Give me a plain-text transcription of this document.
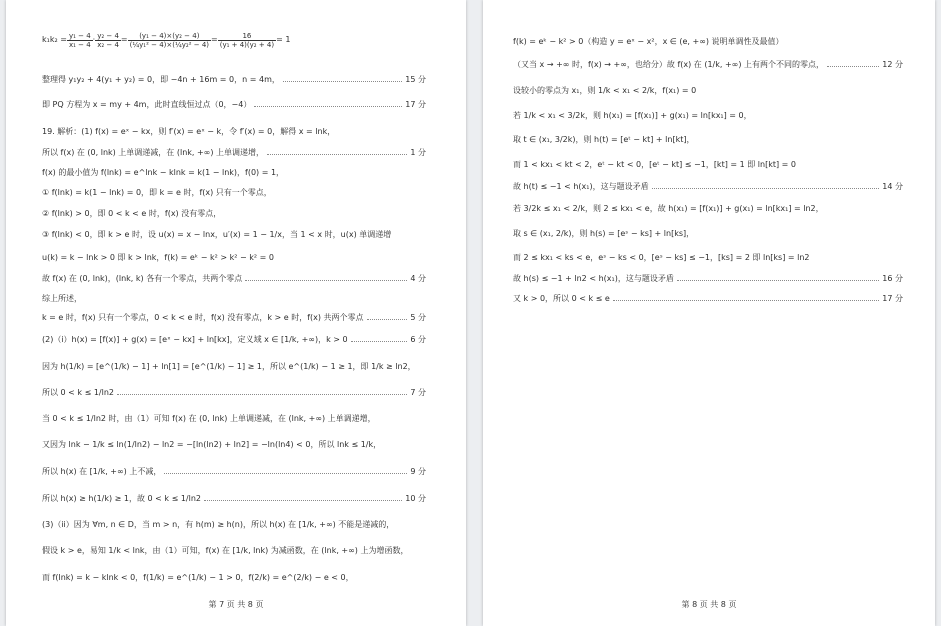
$k_1k_2 = \frac{\text{y₁ − 4}}{\text{x₁ − 4}} \cdot \frac{\text{y₂ − 4}}{\text{x₂ − 4}} = \frac{\text{(y₁ − 4)×(y₂ − 4)}}{\text{(¼y₁² − 4)×(¼y₂² − 4)}} = \frac{16}{\text{(y₁ + 4)(y₂ + 4)}} = 1$
整理得 y₁y₂ + 4(y₁ + y₂) = 0，即 −4n + 16m = 0，n = 4m，	15 分
即 PQ 方程为 x = my + 4m，此时直线恒过点（0，−4）	17 分
19. 解析：(1) f(x) = eˣ − kx，则 f′(x) = eˣ − k，令 f′(x) = 0，解得 x = lnk，
所以 f(x) 在 (0, lnk) 上单调递减，在 (lnk, +∞) 上单调递增，	1 分
f(x) 的最小值为 f(lnk) = e^lnk − klnk = k(1 − lnk)，f(0) = 1，
① f(lnk) = k(1 − lnk) = 0，即 k = e 时，f(x) 只有一个零点，
② f(lnk) > 0，即 0 < k < e 时，f(x) 没有零点，
③ f(lnk) < 0，即 k > e 时，设 u(x) = x − lnx，u′(x) = 1 − 1/x，当 1 < x 时，u(x) 单调递增
u(k) = k − lnk > 0 即 k > lnk，f(k) = eᵏ − k² > k² − k² = 0
故 f(x) 在 (0, lnk)，(lnk, k) 各有一个零点，共两个零点	4 分
综上所述，
k = e 时，f(x) 只有一个零点，0 < k < e 时，f(x) 没有零点，k > e 时，f(x) 共两个零点	5 分
(2)（i）h(x) = [f(x)] + g(x) = [eˣ − kx] + ln[kx]，定义域 x ∈ [1/k, +∞)，k > 0	6 分
因为 h(1/k) = [e^(1/k) − 1] + ln[1] = [e^(1/k) − 1] ≥ 1，所以 e^(1/k) − 1 ≥ 1，即 1/k ≥ ln2，
所以 0 < k ≤ 1/ln2	7 分
当 0 < k ≤ 1/ln2 时，由（1）可知 f(x) 在 (0, lnk) 上单调递减，在 (lnk, +∞) 上单调递增，
又因为 lnk − 1/k ≤ ln(1/ln2) − ln2 = −[ln(ln2) + ln2] = −ln(ln4) < 0，所以 lnk ≤ 1/k，
所以 h(x) 在 [1/k, +∞) 上不减，	9 分
所以 h(x) ≥ h(1/k) ≥ 1，故 0 < k ≤ 1/ln2	10 分
(3)（ii）因为 ∀m, n ∈ D，当 m > n，有 h(m) ≥ h(n)，所以 h(x) 在 [1/k, +∞) 不能是递减的，
假设 k > e，易知 1/k < lnk，由（1）可知，f(x) 在 [1/k, lnk) 为减函数，在 (lnk, +∞) 上为增函数，
而 f(lnk) = k − klnk < 0，f(1/k) = e^(1/k) − 1 > 0，f(2/k) = e^(2/k) − e < 0，
第 7 页 共 8 页
f(k) = eᵏ − k² > 0（构造 y = eˣ − x²，x ∈ (e, +∞) 说明单调性及最值）
（又当 x → +∞ 时，f(x) → +∞，也给分）故 f(x) 在 (1/k, +∞) 上有两个不同的零点，	12 分
设较小的零点为 x₁，则 1/k < x₁ < 2/k，f(x₁) = 0
若 1/k < x₁ < 3/2k，则 h(x₁) = [f(x₁)] + g(x₁) = ln[kx₁] = 0，
取 t ∈ (x₁, 3/2k)，则 h(t) = [eᵗ − kt] + ln[kt]，
而 1 < kx₁ < kt < 2，eᵗ − kt < 0，[eᵗ − kt] ≤ −1，[kt] = 1 即 ln[kt] = 0
故 h(t) ≤ −1 < h(x₁)，这与题设矛盾	14 分
若 3/2k ≤ x₁ < 2/k，则 2 ≤ kx₁ < e，故 h(x₁) = [f(x₁)] + g(x₁) = ln[kx₁] = ln2，
取 s ∈ (x₁, 2/k)，则 h(s) = [eˢ − ks] + ln[ks]，
而 2 ≤ kx₁ < ks < e，eˢ − ks < 0，[eˢ − ks] ≤ −1，[ks] = 2 即 ln[ks] = ln2
故 h(s) ≤ −1 + ln2 < h(x₁)，这与题设矛盾	16 分
又 k > 0，所以 0 < k ≤ e	17 分
第 8 页 共 8 页
